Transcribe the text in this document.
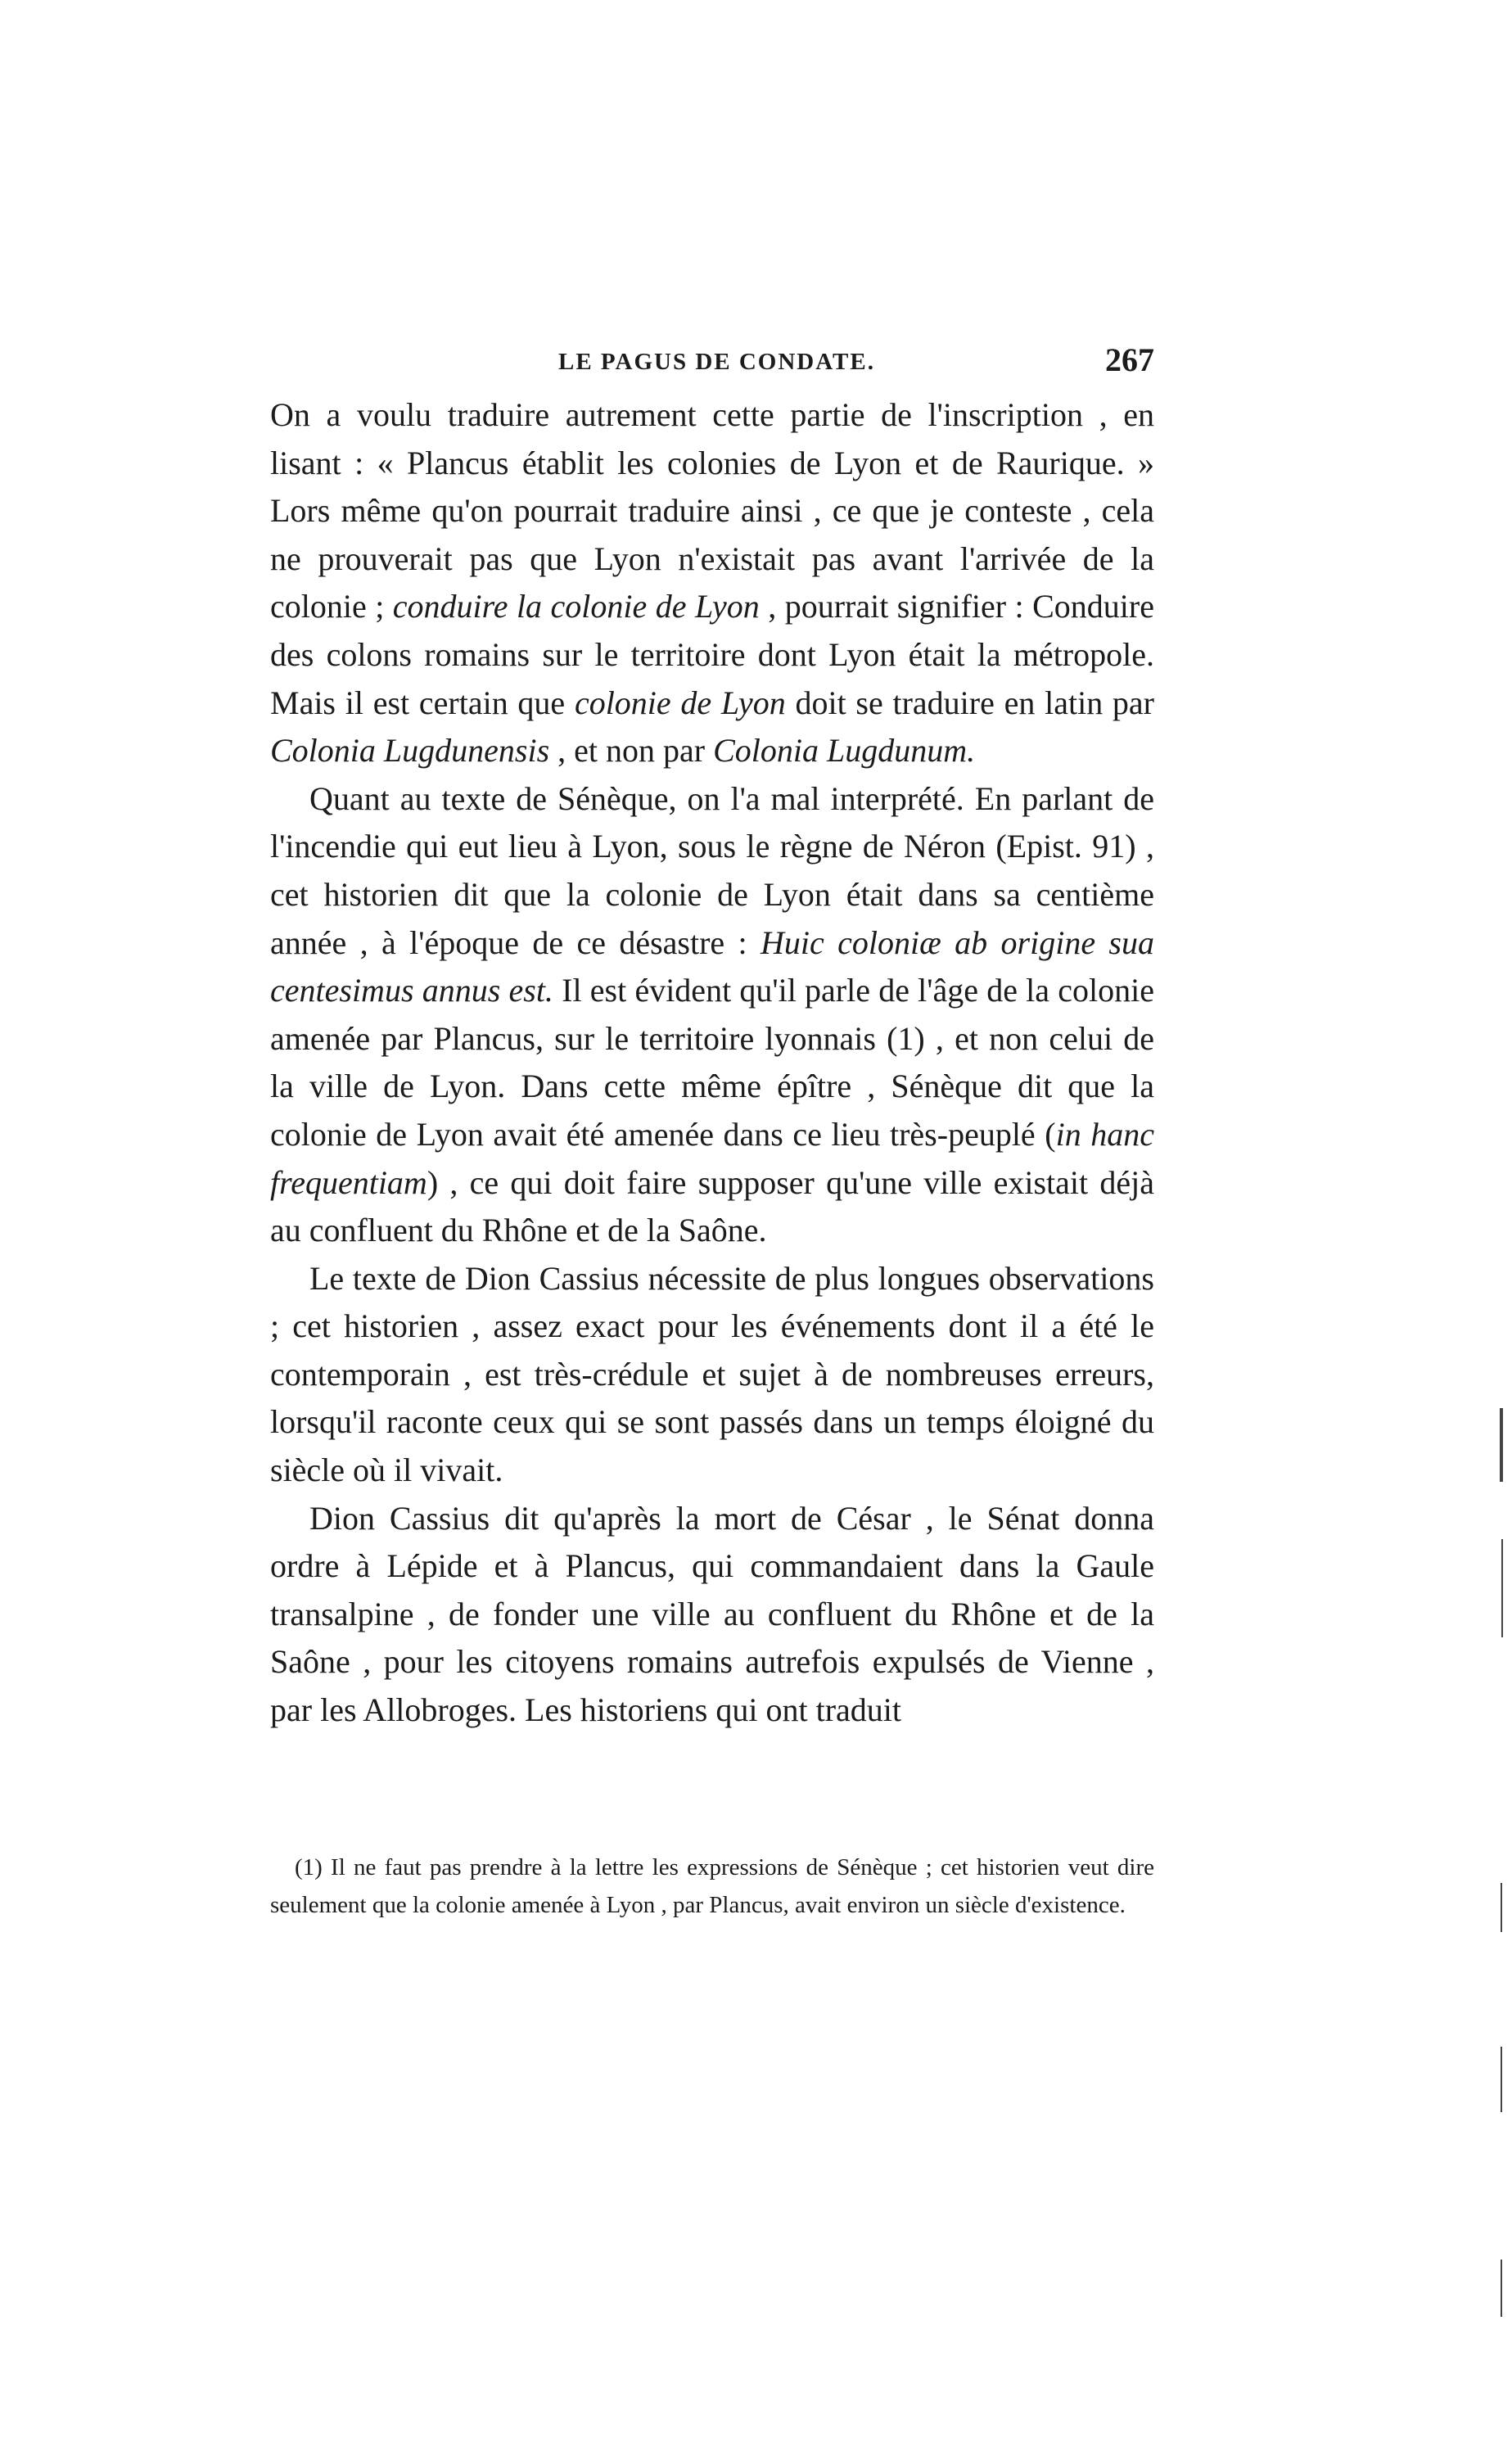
LE PAGUS DE CONDATE.	267

On a voulu traduire autrement cette partie de l'inscription , en lisant : « Plancus établit les colonies de Lyon et de Raurique. » Lors même qu'on pourrait traduire ainsi , ce que je conteste , cela ne prouverait pas que Lyon n'existait pas avant l'arrivée de la colonie ; conduire la colonie de Lyon , pourrait signifier : Conduire des colons romains sur le territoire dont Lyon était la métropole. Mais il est certain que colonie de Lyon doit se traduire en latin par Colonia Lugdunensis , et non par Colonia Lugdunum.

Quant au texte de Sénèque, on l'a mal interprété. En parlant de l'incendie qui eut lieu à Lyon, sous le règne de Néron (Epist. 91) , cet historien dit que la colonie de Lyon était dans sa centième année , à l'époque de ce désastre : Huic coloniæ ab origine sua centesimus annus est. Il est évident qu'il parle de l'âge de la colonie amenée par Plancus, sur le territoire lyonnais (1) , et non celui de la ville de Lyon. Dans cette même épître , Sénèque dit que la colonie de Lyon avait été amenée dans ce lieu très-peuplé (in hanc frequentiam) , ce qui doit faire supposer qu'une ville existait déjà au confluent du Rhône et de la Saône.

Le texte de Dion Cassius nécessite de plus longues observations ; cet historien , assez exact pour les événements dont il a été le contemporain , est très-crédule et sujet à de nombreuses erreurs, lorsqu'il raconte ceux qui se sont passés dans un temps éloigné du siècle où il vivait.

Dion Cassius dit qu'après la mort de César , le Sénat donna ordre à Lépide et à Plancus, qui commandaient dans la Gaule transalpine , de fonder une ville au confluent du Rhône et de la Saône , pour les citoyens romains autrefois expulsés de Vienne , par les Allobroges. Les historiens qui ont traduit

(1) Il ne faut pas prendre à la lettre les expressions de Sénèque ; cet historien veut dire seulement que la colonie amenée à Lyon , par Plancus, avait environ un siècle d'existence.
